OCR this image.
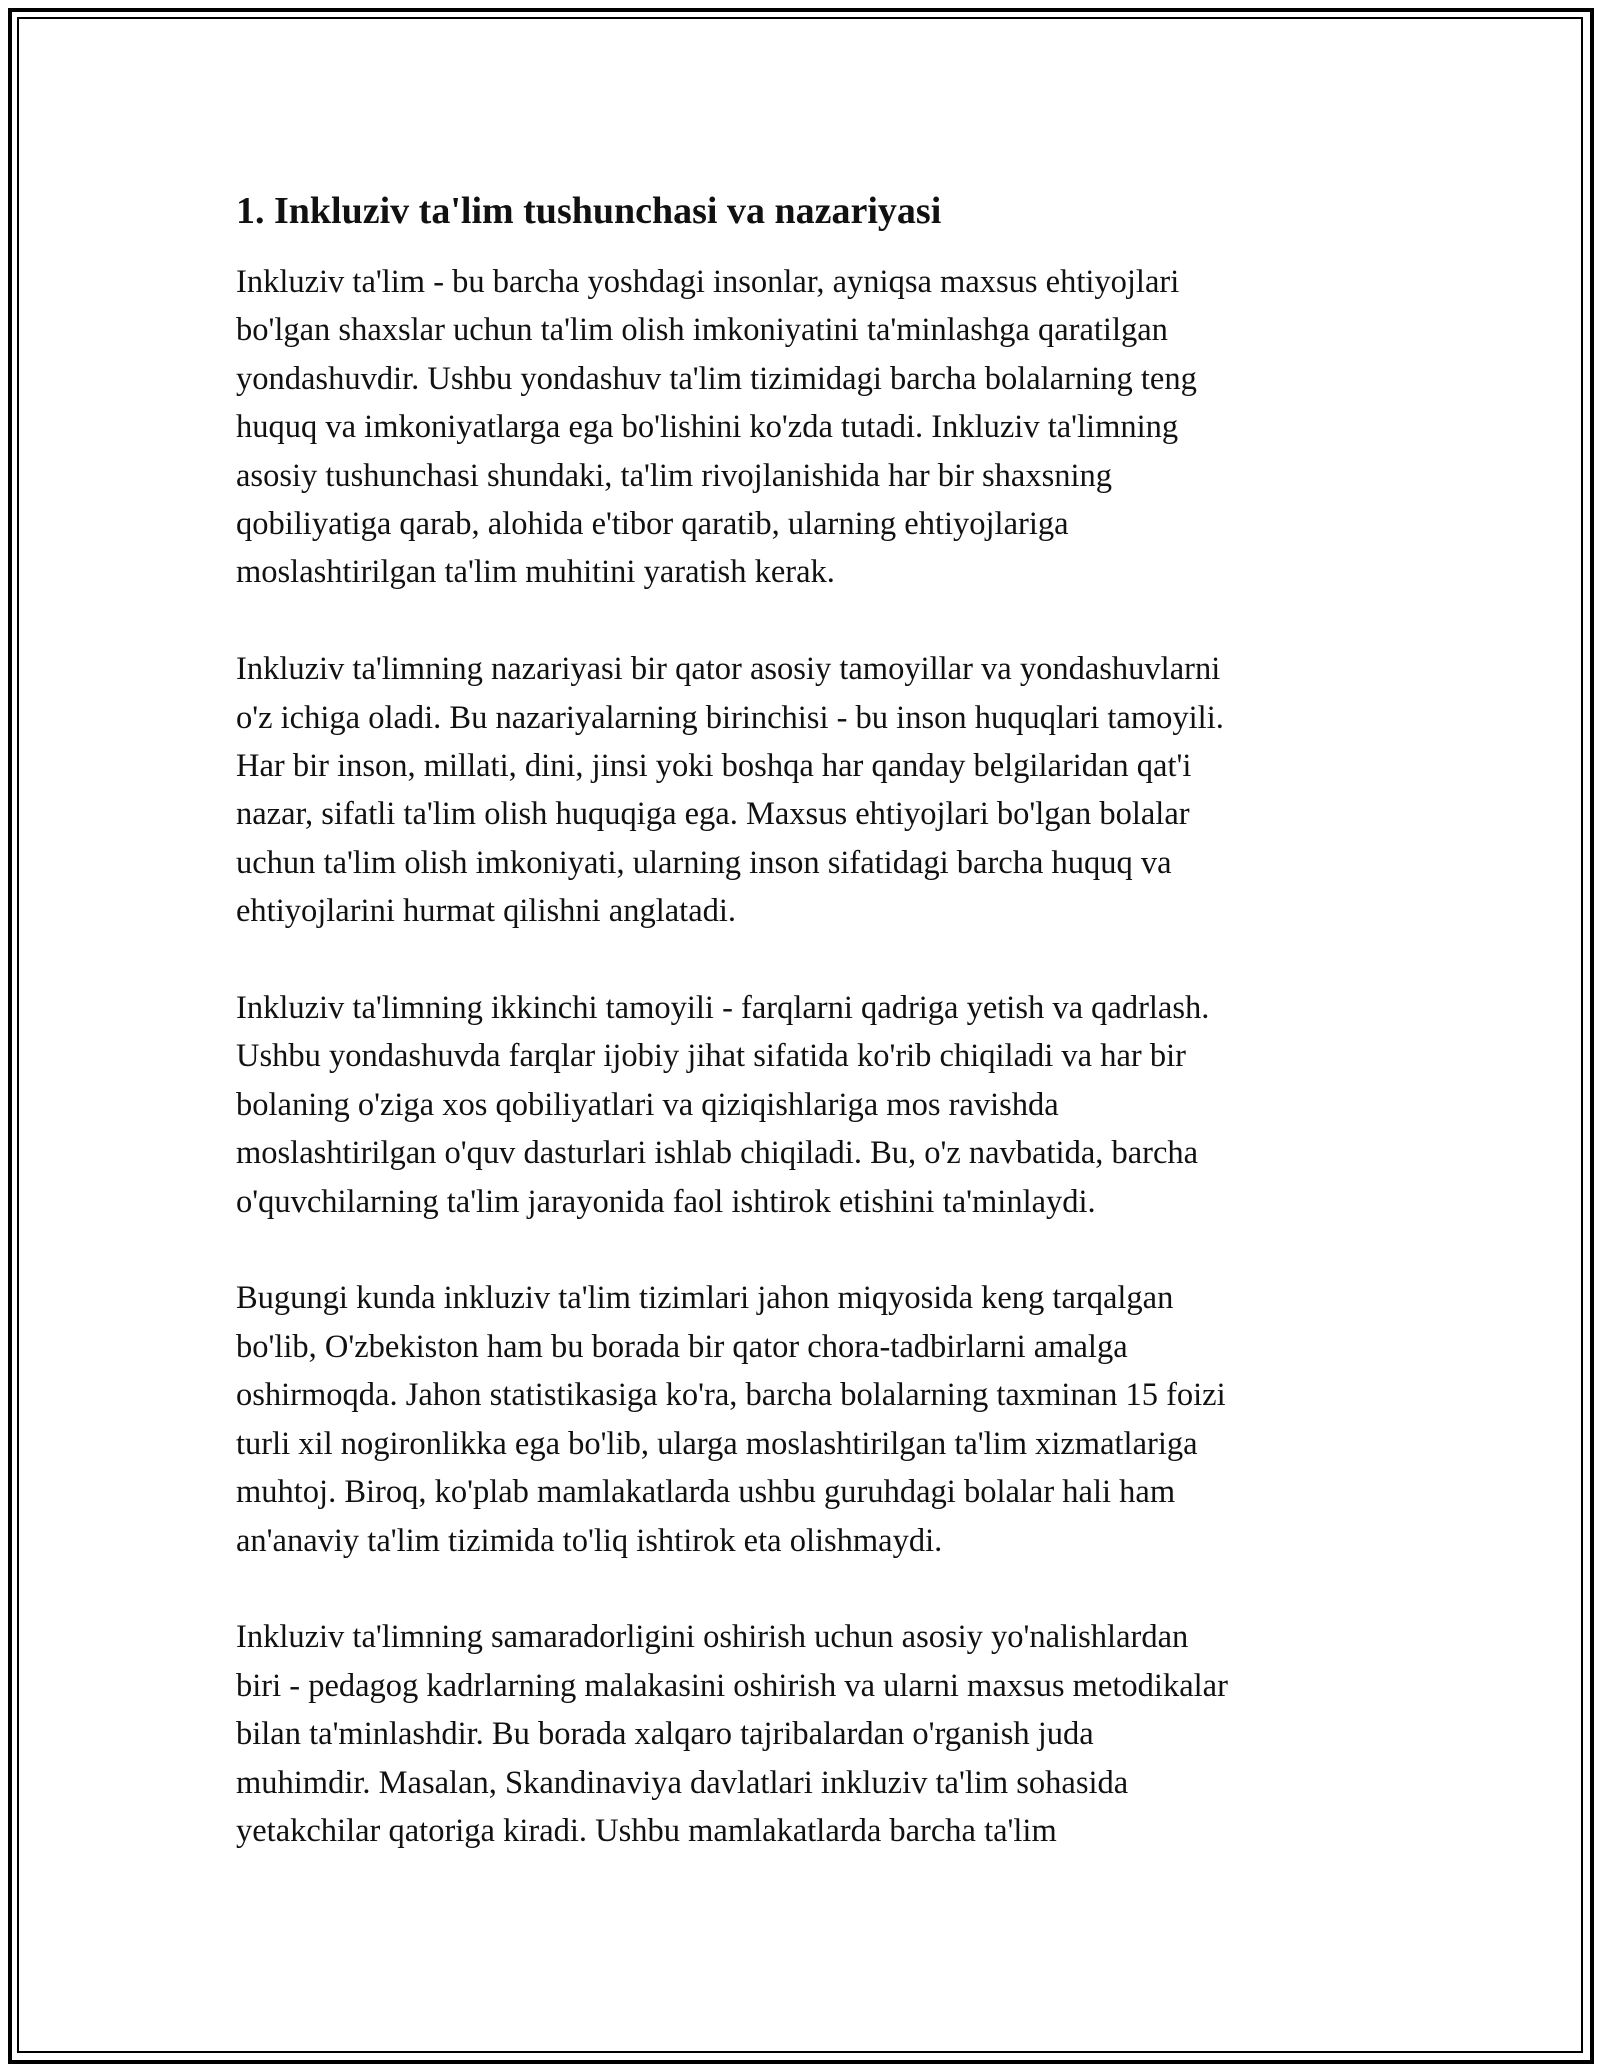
1. Inkluziv ta'lim tushunchasi va nazariyasi

Inkluziv ta'lim - bu barcha yoshdagi insonlar, ayniqsa maxsus ehtiyojlari
bo'lgan shaxslar uchun ta'lim olish imkoniyatini ta'minlashga qaratilgan
yondashuvdir. Ushbu yondashuv ta'lim tizimidagi barcha bolalarning teng
huquq va imkoniyatlarga ega bo'lishini ko'zda tutadi. Inkluziv ta'limning
asosiy tushunchasi shundaki, ta'lim rivojlanishida har bir shaxsning
qobiliyatiga qarab, alohida e'tibor qaratib, ularning ehtiyojlariga
moslashtirilgan ta'lim muhitini yaratish kerak.

Inkluziv ta'limning nazariyasi bir qator asosiy tamoyillar va yondashuvlarni
o'z ichiga oladi. Bu nazariyalarning birinchisi - bu inson huquqlari tamoyili.
Har bir inson, millati, dini, jinsi yoki boshqa har qanday belgilaridan qat'i
nazar, sifatli ta'lim olish huquqiga ega. Maxsus ehtiyojlari bo'lgan bolalar
uchun ta'lim olish imkoniyati, ularning inson sifatidagi barcha huquq va
ehtiyojlarini hurmat qilishni anglatadi.

Inkluziv ta'limning ikkinchi tamoyili - farqlarni qadriga yetish va qadrlash.
Ushbu yondashuvda farqlar ijobiy jihat sifatida ko'rib chiqiladi va har bir
bolaning o'ziga xos qobiliyatlari va qiziqishlariga mos ravishda
moslashtirilgan o'quv dasturlari ishlab chiqiladi. Bu, o'z navbatida, barcha
o'quvchilarning ta'lim jarayonida faol ishtirok etishini ta'minlaydi.

Bugungi kunda inkluziv ta'lim tizimlari jahon miqyosida keng tarqalgan
bo'lib, O'zbekiston ham bu borada bir qator chora-tadbirlarni amalga
oshirmoqda. Jahon statistikasiga ko'ra, barcha bolalarning taxminan 15 foizi
turli xil nogironlikka ega bo'lib, ularga moslashtirilgan ta'lim xizmatlariga
muhtoj. Biroq, ko'plab mamlakatlarda ushbu guruhdagi bolalar hali ham
an'anaviy ta'lim tizimida to'liq ishtirok eta olishmaydi.

Inkluziv ta'limning samaradorligini oshirish uchun asosiy yo'nalishlardan
biri - pedagog kadrlarning malakasini oshirish va ularni maxsus metodikalar
bilan ta'minlashdir. Bu borada xalqaro tajribalardan o'rganish juda
muhimdir. Masalan, Skandinaviya davlatlari inkluziv ta'lim sohasida
yetakchilar qatoriga kiradi. Ushbu mamlakatlarda barcha ta'lim
